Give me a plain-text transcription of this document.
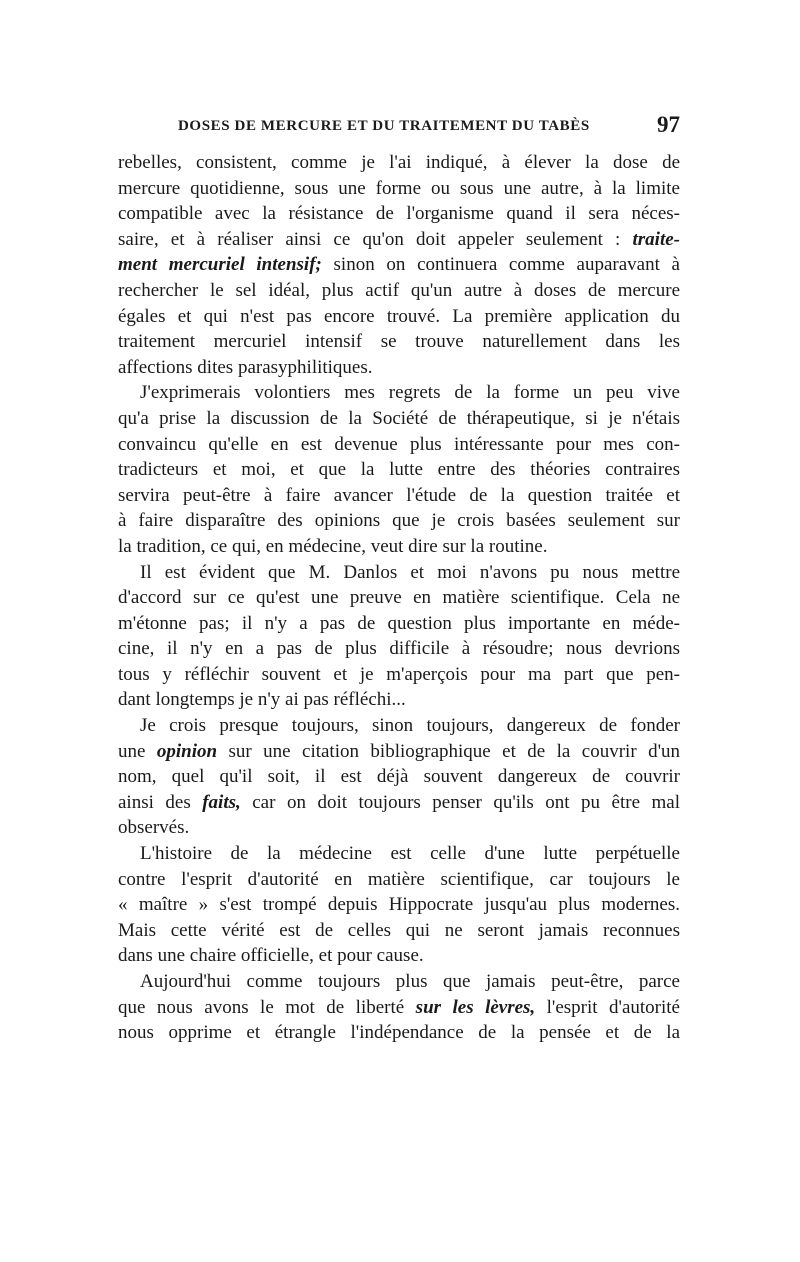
DOSES DE MERCURE ET DU TRAITEMENT DU TABÈS	97
rebelles, consistent, comme je l'ai indiqué, à élever la dose de
mercure quotidienne, sous une forme ou sous une autre, à la limite
compatible avec la résistance de l'organisme quand il sera néces-
saire, et à réaliser ainsi ce qu'on doit appeler seulement : traite-
ment mercuriel intensif; sinon on continuera comme auparavant à
rechercher le sel idéal, plus actif qu'un autre à doses de mercure
égales et qui n'est pas encore trouvé. La première application du
traitement mercuriel intensif se trouve naturellement dans les
affections dites parasyphilitiques.
J'exprimerais volontiers mes regrets de la forme un peu vive
qu'a prise la discussion de la Société de thérapeutique, si je n'étais
convaincu qu'elle en est devenue plus intéressante pour mes con-
tradicteurs et moi, et que la lutte entre des théories contraires
servira peut-être à faire avancer l'étude de la question traitée et
à faire disparaître des opinions que je crois basées seulement sur
la tradition, ce qui, en médecine, veut dire sur la routine.
Il est évident que M. Danlos et moi n'avons pu nous mettre
d'accord sur ce qu'est une preuve en matière scientifique. Cela ne
m'étonne pas; il n'y a pas de question plus importante en méde-
cine, il n'y en a pas de plus difficile à résoudre; nous devrions
tous y réfléchir souvent et je m'aperçois pour ma part que pen-
dant longtemps je n'y ai pas réfléchi...
Je crois presque toujours, sinon toujours, dangereux de fonder
une opinion sur une citation bibliographique et de la couvrir d'un
nom, quel qu'il soit, il est déjà souvent dangereux de couvrir
ainsi des faits, car on doit toujours penser qu'ils ont pu être mal
observés.
L'histoire de la médecine est celle d'une lutte perpétuelle
contre l'esprit d'autorité en matière scientifique, car toujours le
« maître » s'est trompé depuis Hippocrate jusqu'au plus modernes.
Mais cette vérité est de celles qui ne seront jamais reconnues
dans une chaire officielle, et pour cause.
Aujourd'hui comme toujours plus que jamais peut-être, parce
que nous avons le mot de liberté sur les lèvres, l'esprit d'autorité
nous opprime et étrangle l'indépendance de la pensée et de la
